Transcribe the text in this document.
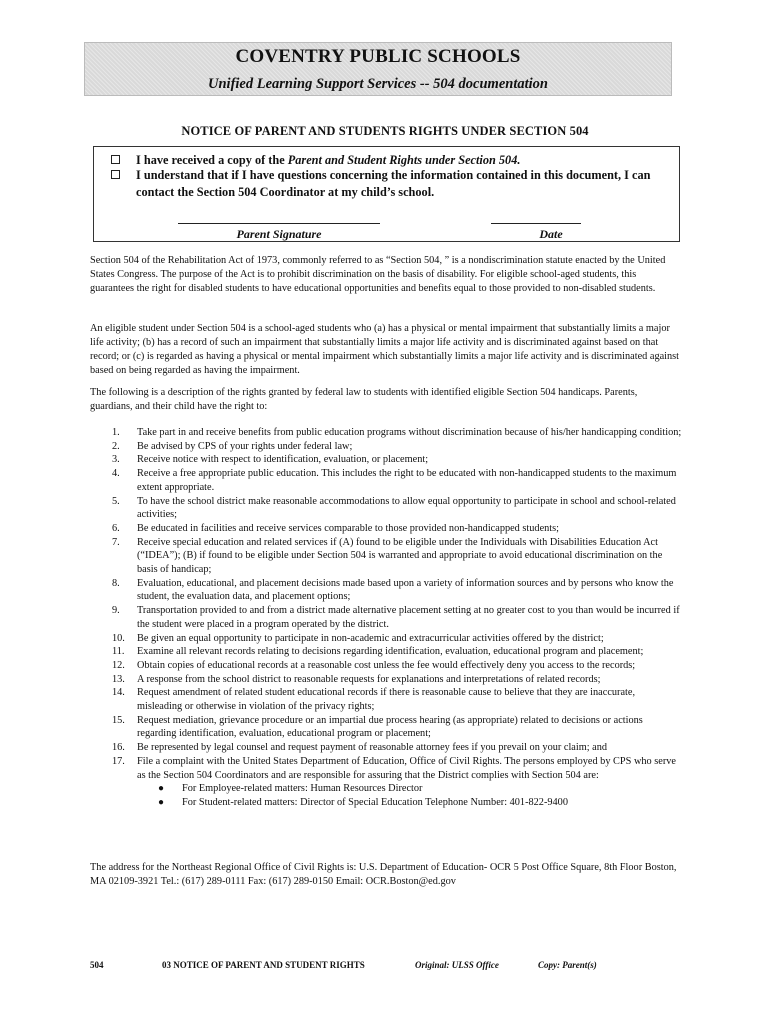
COVENTRY PUBLIC SCHOOLS
Unified Learning Support Services -- 504 documentation
NOTICE OF PARENT AND STUDENTS RIGHTS UNDER SECTION 504
I have received a copy of the Parent and Student Rights under Section 504.
I understand that if I have questions concerning the information contained in this document, I can contact the Section 504 Coordinator at my child’s school.
Parent Signature	Date
Section 504 of the Rehabilitation Act of 1973, commonly referred to as “Section 504, ” is a nondiscrimination statute enacted by the United States Congress. The purpose of the Act is to prohibit discrimination on the basis of disability. For eligible school-aged students, this guarantees the right for disabled students to have educational opportunities and benefits equal to those provided to non-disabled students.
An eligible student under Section 504 is a school-aged students who (a) has a physical or mental impairment that substantially limits a major life activity; (b) has a record of such an impairment that substantially limits a major life activity and is discriminated against based on that record; or (c) is regarded as having a physical or mental impairment which substantially limits a major life activity and is discriminated against based on being regarded as having the impairment.
The following is a description of the rights granted by federal law to students with identified eligible Section 504 handicaps. Parents, guardians, and their child have the right to:
1. Take part in and receive benefits from public education programs without discrimination because of his/her handicapping condition;
2. Be advised by CPS of your rights under federal law;
3. Receive notice with respect to identification, evaluation, or placement;
4. Receive a free appropriate public education. This includes the right to be educated with non-handicapped students to the maximum extent appropriate.
5. To have the school district make reasonable accommodations to allow equal opportunity to participate in school and school-related activities;
6. Be educated in facilities and receive services comparable to those provided non-handicapped students;
7. Receive special education and related services if (A) found to be eligible under the Individuals with Disabilities Education Act (“IDEA”); (B) if found to be eligible under Section 504 is warranted and appropriate to avoid educational discrimination on the basis of handicap;
8. Evaluation, educational, and placement decisions made based upon a variety of information sources and by persons who know the student, the evaluation data, and placement options;
9. Transportation provided to and from a district made alternative placement setting at no greater cost to you than would be incurred if the student were placed in a program operated by the district.
10. Be given an equal opportunity to participate in non-academic and extracurricular activities offered by the district;
11. Examine all relevant records relating to decisions regarding identification, evaluation, educational program and placement;
12. Obtain copies of educational records at a reasonable cost unless the fee would effectively deny you access to the records;
13. A response from the school district to reasonable requests for explanations and interpretations of related records;
14. Request amendment of related student educational records if there is reasonable cause to believe that they are inaccurate, misleading or otherwise in violation of the privacy rights;
15. Request mediation, grievance procedure or an impartial due process hearing (as appropriate) related to decisions or actions regarding identification, evaluation, educational program or placement;
16. Be represented by legal counsel and request payment of reasonable attorney fees if you prevail on your claim; and
17. File a complaint with the United States Department of Education, Office of Civil Rights. The persons employed by CPS who serve as the Section 504 Coordinators and are responsible for assuring that the District complies with Section 504 are:
● For Employee-related matters: Human Resources Director
● For Student-related matters: Director of Special Education Telephone Number: 401-822-9400
The address for the Northeast Regional Office of Civil Rights is: U.S. Department of Education- OCR 5 Post Office Square, 8th Floor Boston, MA 02109-3921 Tel.: (617) 289-0111 Fax: (617) 289-0150 Email: OCR.Boston@ed.gov
504	03 NOTICE OF PARENT AND STUDENT RIGHTS	Original: ULSS Office	Copy: Parent(s)
